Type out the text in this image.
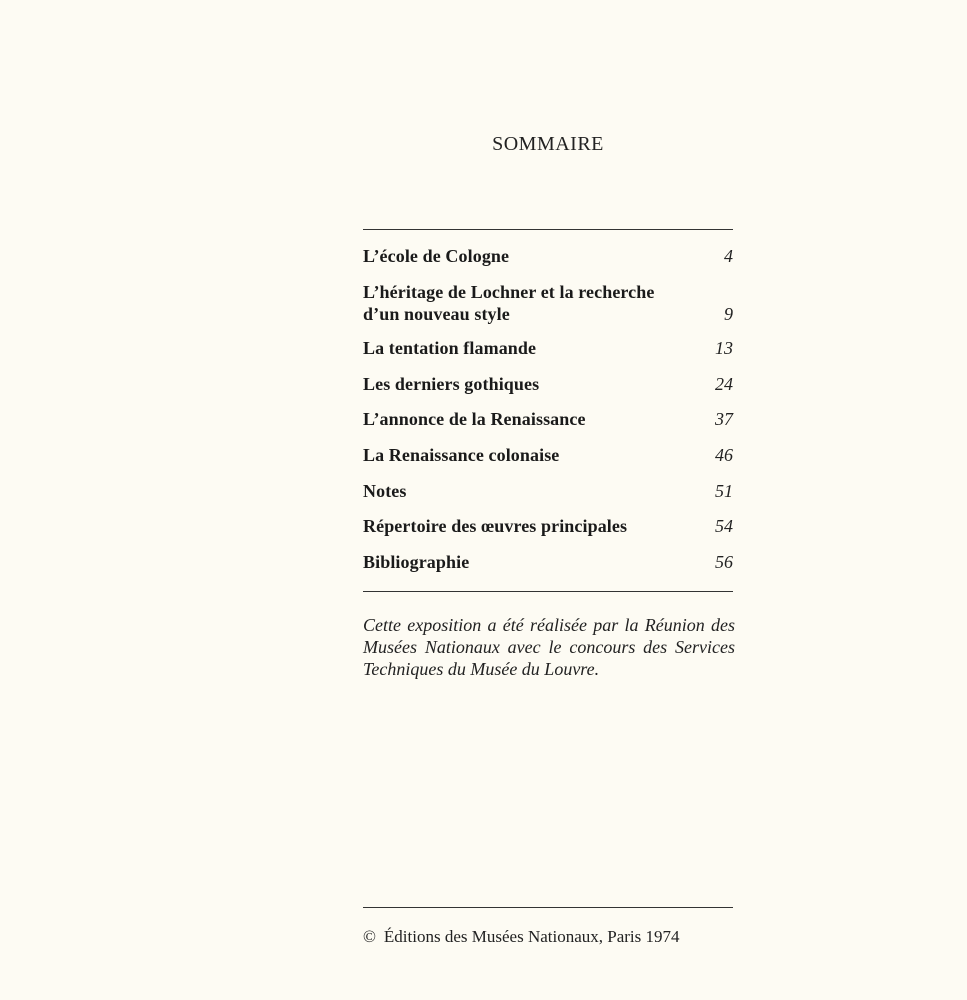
SOMMAIRE
L’école de Cologne	4
L’héritage de Lochner et la recherche d’un nouveau style	9
La tentation flamande	13
Les derniers gothiques	24
L’annonce de la Renaissance	37
La Renaissance colonaise	46
Notes	51
Répertoire des œuvres principales	54
Bibliographie	56
Cette exposition a été réalisée par la Réunion des Musées Nationaux avec le concours des Services Techniques du Musée du Louvre.
© Éditions des Musées Nationaux, Paris 1974
